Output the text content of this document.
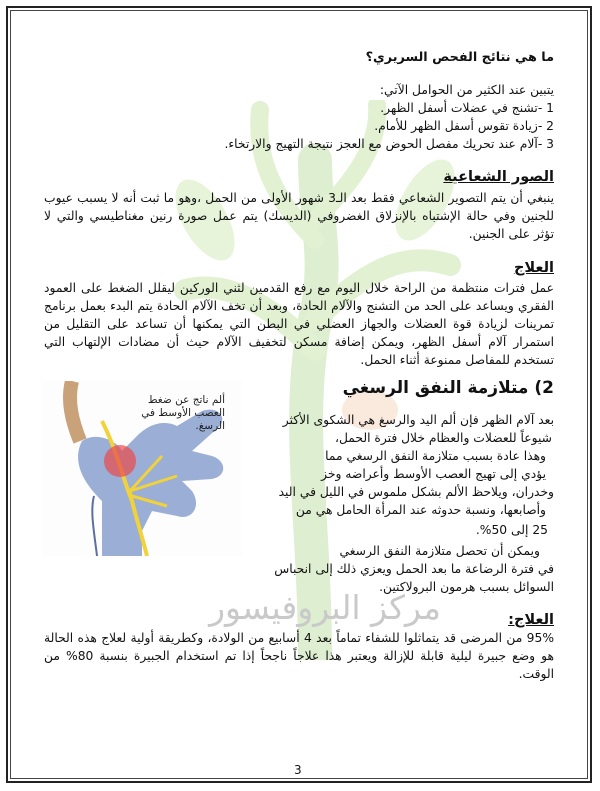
مركز البروفيسور
ما هي نتائج الفحص السريري؟
يتبين عند الكثير من الحوامل الآتي:
1 -تشنج في عضلات أسفل الظهر.
2 -زيادة تقوس أسفل الظهر للأمام.
3 -آلام عند تحريك مفصل الحوض مع العجز نتيجة التهيج والارتخاء.
الصور الشعاعية
ينبغي أن يتم التصوير الشعاعي فقط بعد الـ3 شهور الأولى من الحمل ،وهو ما ثبت أنه لا يسبب عيوب للجنين وفي حالة الإشتباه بالإنزلاق الغضروفي (الديسك) يتم عمل صورة رنين مغناطيسي والتي لا تؤثر على الجنين.
العلاج
عمل فترات منتظمة من الراحة خلال اليوم مع رفع القدمين لثني الوركين ليقلل الضغط على العمود الفقري ويساعد على الحد من التشنج والآلام الحادة، وبعد أن تخف الآلام الحادة يتم البدء بعمل برنامج تمرينات لزيادة قوة العضلات والجهاز العضلي في البطن التي يمكنها أن تساعد على التقليل من استمرار آلام أسفل الظهر، ويمكن إضافة مسكن لتخفيف الآلام حيث أن مضادات الإلتهاب التي تستخدم للمفاصل ممنوعة أثناء الحمل.
2) متلازمة النفق الرسغي
ألم ناتج عن ضغط العصب الأوسط في الرسغ.	بعد آلام الظهر فإن ألم اليد والرسغ هي الشكوى الأكثر
شيوعاً للعضلات والعظام خلال فترة الحمل،
وهذا عادة بسبب متلازمة النفق الرسغي مما
يؤدي إلى تهيج العصب الأوسط وأعراضه وخز
وخدران، ويلاحظ الألم بشكل ملموس في الليل في اليد
وأصابعها، ونسبة حدوثه عند المرأة الحامل هي من
25 إلى 50%.
ويمكن أن تحصل متلازمة النفق الرسغي
في فترة الرضاعة ما بعد الحمل ويعزي ذلك إلى انحباس
السوائل بسبب هرمون البرولاكتين.
العلاج:
95% من المرضى قد يتماثلوا للشفاء تماماً بعد 4 أسابيع من الولادة، وكطريقة أولية لعلاج هذه الحالة هو وضع جبيرة ليلية قابلة للإزالة ويعتبر هذا علاجاً ناجحاً إذا تم استخدام الجبيرة بنسبة 80% من الوقت.
3
